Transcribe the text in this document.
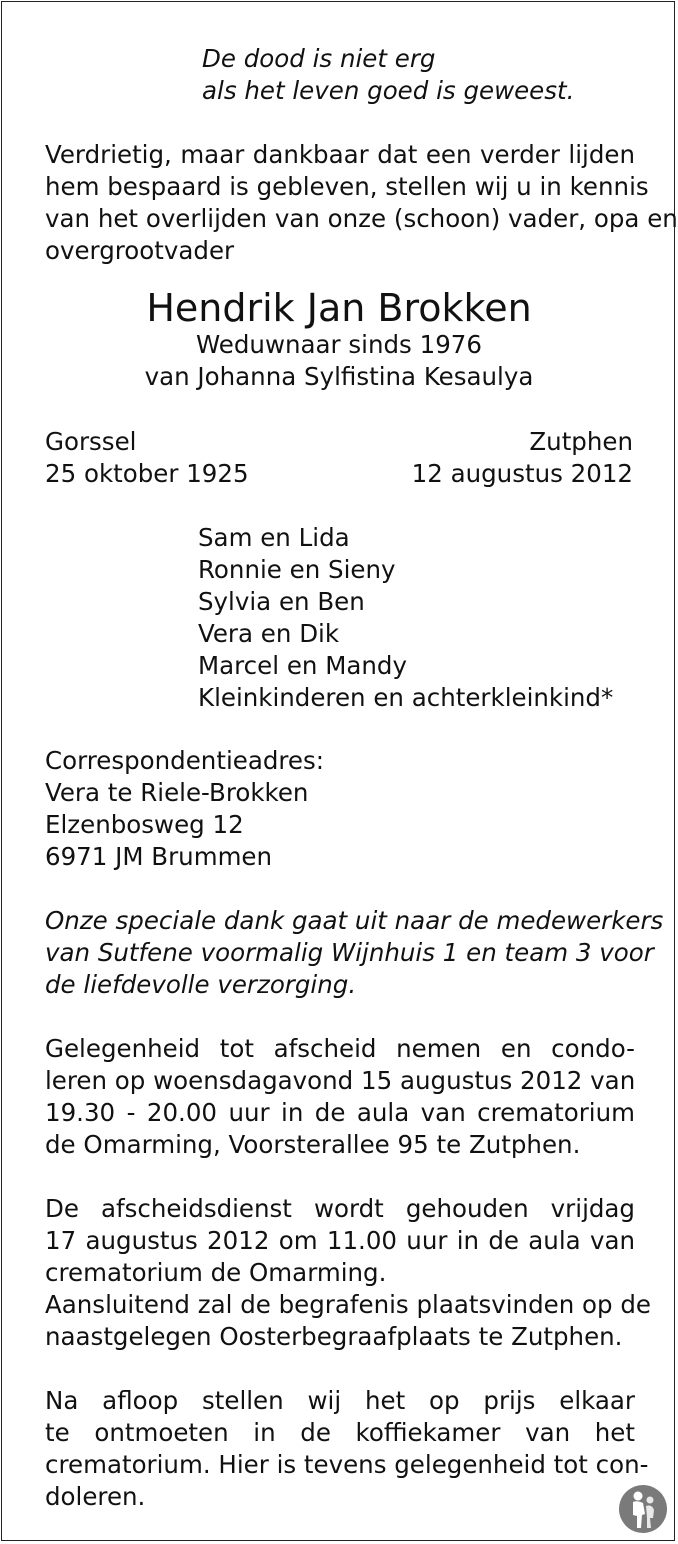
De dood is niet erg
als het leven goed is geweest.
Verdrietig, maar dankbaar dat een verder lijden
hem bespaard is gebleven, stellen wij u in kennis
van het overlijden van onze (schoon) vader, opa en
overgrootvader
Hendrik Jan Brokken
Weduwnaar sinds 1976
van Johanna Sylfistina Kesaulya
Gorssel
25 oktober 1925
Zutphen
12 augustus 2012
Sam en Lida
Ronnie en Sieny
Sylvia en Ben
Vera en Dik
Marcel en Mandy
Kleinkinderen en achterkleinkind*
Correspondentieadres:
Vera te Riele-Brokken
Elzenbosweg 12
6971 JM Brummen
Onze speciale dank gaat uit naar de medewerkers
van Sutfene voormalig Wijnhuis 1 en team 3 voor
de liefdevolle verzorging.
Gelegenheid tot afscheid nemen en condo-
leren op woensdagavond 15 augustus 2012 van
19.30 - 20.00 uur in de aula van crematorium
de Omarming, Voorsterallee 95 te Zutphen.
De afscheidsdienst wordt gehouden vrijdag
17 augustus 2012 om 11.00 uur in de aula van
crematorium de Omarming.
Aansluitend zal de begrafenis plaatsvinden op de
naastgelegen Oosterbegraafplaats te Zutphen.
Na afloop stellen wij het op prijs elkaar
te ontmoeten in de koffiekamer van het
crematorium. Hier is tevens gelegenheid tot con-
doleren.
